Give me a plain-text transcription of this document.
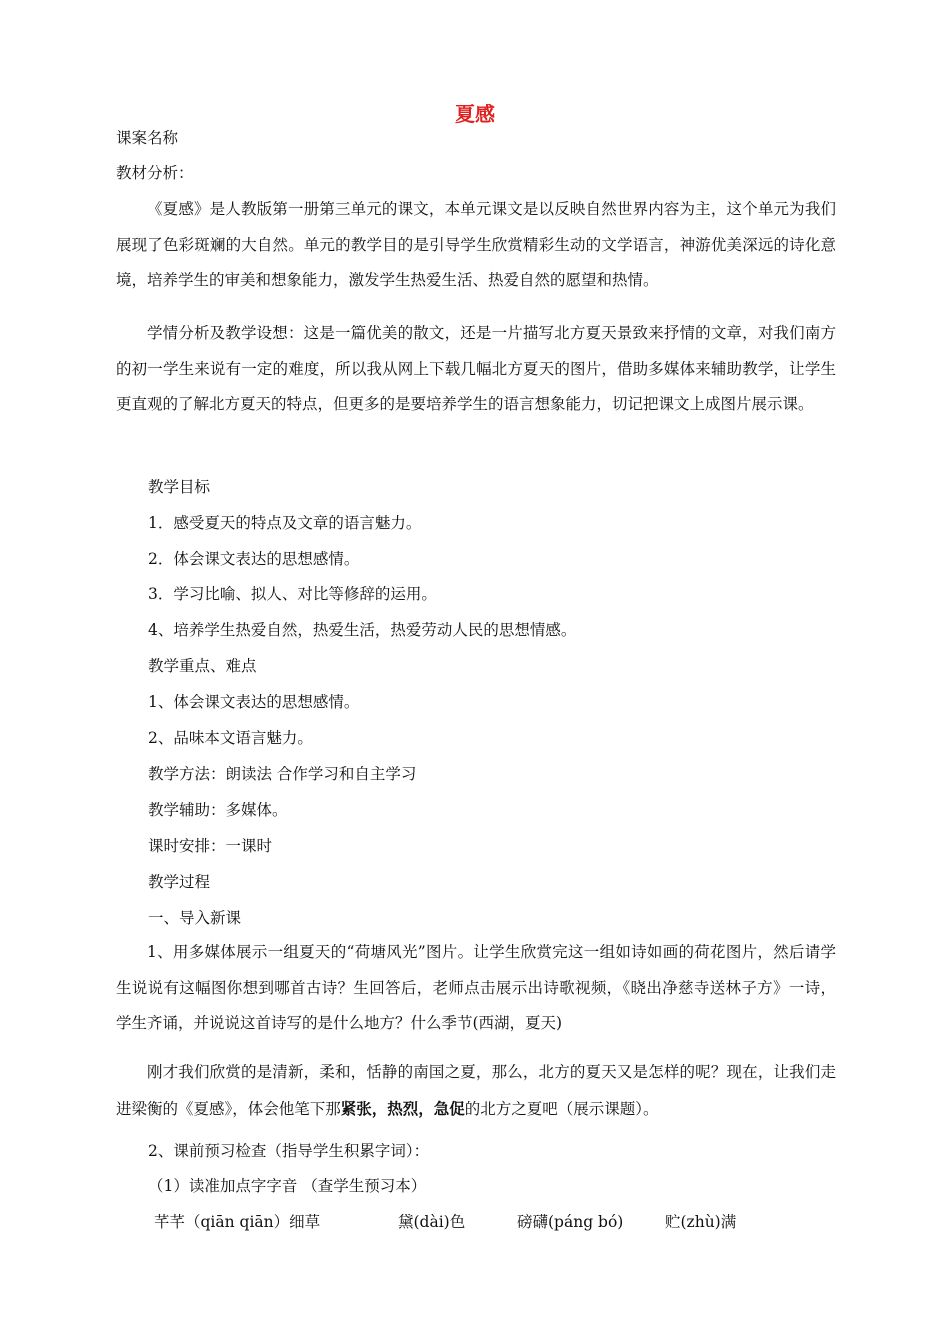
夏感
课案名称
教材分析：
《夏感》是人教版第一册第三单元的课文，本单元课文是以反映自然世界内容为主，这个单元为我们展现了色彩斑斓的大自然。单元的教学目的是引导学生欣赏精彩生动的文学语言，神游优美深远的诗化意境，培养学生的审美和想象能力，激发学生热爱生活、热爱自然的愿望和热情。
学情分析及教学设想：这是一篇优美的散文，还是一片描写北方夏天景致来抒情的文章，对我们南方的初一学生来说有一定的难度，所以我从网上下载几幅北方夏天的图片，借助多媒体来辅助教学，让学生更直观的了解北方夏天的特点，但更多的是要培养学生的语言想象能力，切记把课文上成图片展示课。
教学目标
1．感受夏天的特点及文章的语言魅力。
2．体会课文表达的思想感情。
3．学习比喻、拟人、对比等修辞的运用。
4、培养学生热爱自然，热爱生活，热爱劳动人民的思想情感。
教学重点、难点
1、体会课文表达的思想感情。
2、品味本文语言魅力。
教学方法：朗读法 合作学习和自主学习
教学辅助：多媒体。
课时安排：一课时
教学过程
一、导入新课
1、用多媒体展示一组夏天的“荷塘风光”图片。让学生欣赏完这一组如诗如画的荷花图片，然后请学生说说有这幅图你想到哪首古诗？生回答后，老师点击展示出诗歌视频，《晓出净慈寺送林子方》一诗，学生齐诵，并说说这首诗写的是什么地方？什么季节(西湖，夏天)
刚才我们欣赏的是清新，柔和，恬静的南国之夏，那么，北方的夏天又是怎样的呢？现在，让我们走进梁衡的《夏感》，体会他笔下那紧张，热烈，急促的北方之夏吧（展示课题）。
2、课前预习检查（指导学生积累字词）：
（1）读准加点字字音 （查学生预习本）
芊芊（qiān qiān）细草	黛(dài)色	磅礴(páng bó)	贮(zhù)满
